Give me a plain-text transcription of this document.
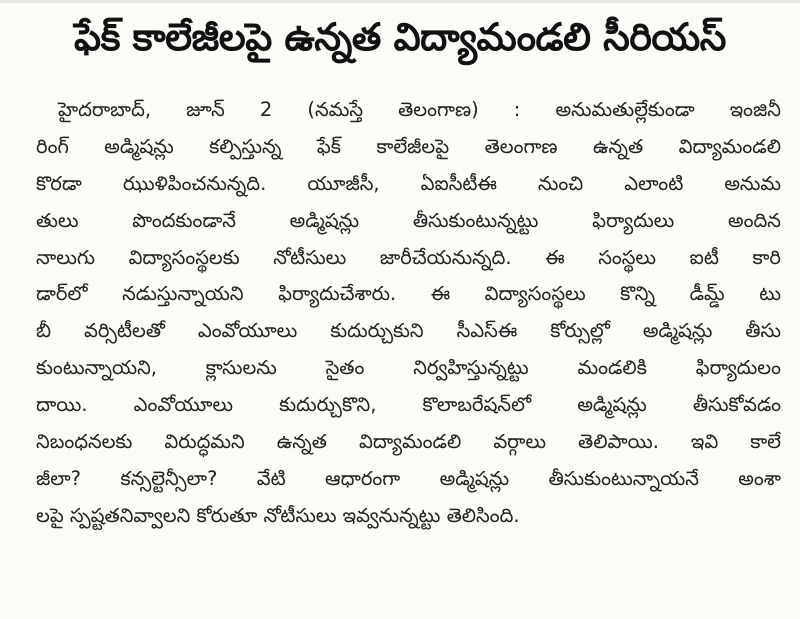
ఫేక్ కాలేజీలపై ఉన్నత విద్యామండలి సీరియస్
హైదరాబాద్, జూన్ 2 (నమస్తే తెలంగాణ) : అనుమతుల్లేకుండా ఇంజినీ
రింగ్ అడ్మిషన్లు కల్పిస్తున్న ఫేక్ కాలేజీలపై తెలంగాణ ఉన్నత విద్యామండలి
కొరడా ఝుళిపించనున్నది. యూజీసీ, ఏఐసీటీఈ నుంచి ఎలాంటి అనుమ
తులు పొందకుండానే అడ్మిషన్లు తీసుకుంటున్నట్టు ఫిర్యాదులు అందిన
నాలుగు విద్యాసంస్థలకు నోటీసులు జారీచేయనున్నది. ఈ సంస్థలు ఐటీ కారి
డార్‌లో నడుస్తున్నాయని ఫిర్యాదుచేశారు. ఈ విద్యాసంస్థలు కొన్ని డీమ్డ్ టు
బీ వర్సిటీలతో ఎంవోయూలు కుదుర్చుకుని సీఎస్ఈ కోర్సుల్లో అడ్మిషన్లు తీసు
కుంటున్నాయని, క్లాసులను సైతం నిర్వహిస్తున్నట్టు మండలికి ఫిర్యాదులం
దాయి. ఎంవోయూలు కుదుర్చుకొని, కొలాబరేషన్‌లో అడ్మిషన్లు తీసుకోవడం
నిబంధనలకు విరుద్ధమని ఉన్నత విద్యామండలి వర్గాలు తెలిపాయి. ఇవి కాలే
జీలా? కన్సల్టెన్సీలా? వేటి ఆధారంగా అడ్మిషన్లు తీసుకుంటున్నాయనే అంశా
లపై స్పష్టతనివ్వాలని కోరుతూ నోటీసులు ఇవ్వనున్నట్టు తెలిసింది.
